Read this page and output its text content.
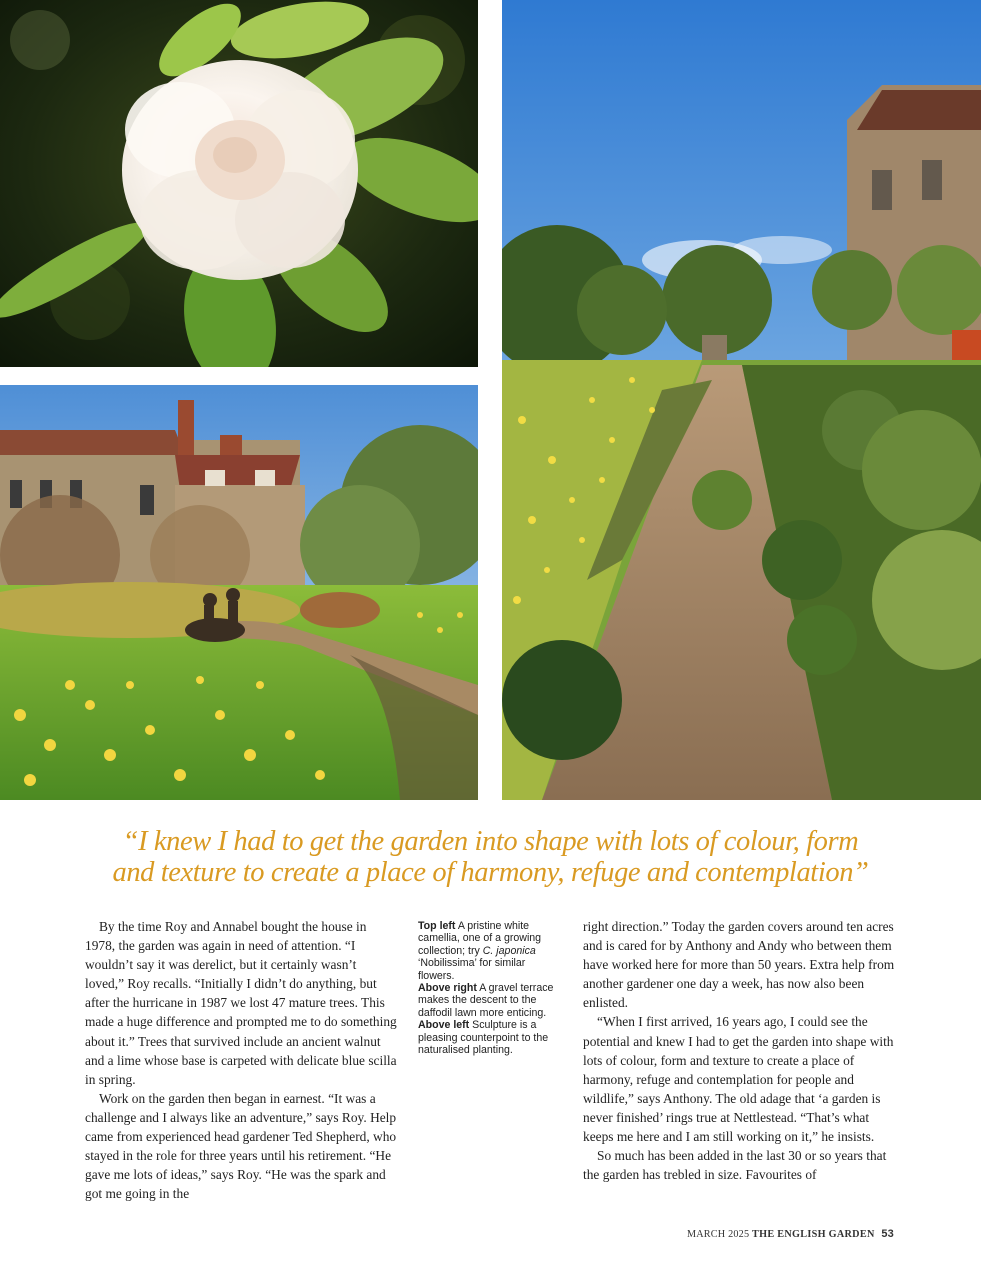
“I knew I had to get the garden into shape with lots of colour, form
and texture to create a place of harmony, refuge and contemplation”

By the time Roy and Annabel bought the house in 1978, the garden was again in need of attention. “I wouldn’t say it was derelict, but it certainly wasn’t loved,” Roy recalls. “Initially I didn’t do anything, but after the hurricane in 1987 we lost 47 mature trees. This made a huge difference and prompted me to do something about it.” Trees that survived include an ancient walnut and a lime whose base is carpeted with delicate blue scilla in spring.

Work on the garden then began in earnest. “It was a challenge and I always like an adventure,” says Roy. Help came from experienced head gardener Ted Shepherd, who stayed in the role for three years until his retirement. “He gave me lots of ideas,” says Roy. “He was the spark and got me going in the

Top left A pristine white camellia, one of a growing collection; try C. japonica ‘Nobilissima’ for similar flowers.

Above right A gravel terrace makes the descent to the daffodil lawn more enticing.

Above left Sculpture is a pleasing counterpoint to the naturalised planting.

right direction.” Today the garden covers around ten acres and is cared for by Anthony and Andy who between them have worked here for more than 50 years. Extra help from another gardener one day a week, has now also been enlisted.

“When I first arrived, 16 years ago, I could see the potential and knew I had to get the garden into shape with lots of colour, form and texture to create a place of harmony, refuge and contemplation for people and wildlife,” says Anthony. The old adage that ‘a garden is never finished’ rings true at Nettlestead. “That’s what keeps me here and I am still working on it,” he insists.

So much has been added in the last 30 or so years that the garden has trebled in size. Favourites of

MARCH 2025 THE ENGLISH GARDEN 53
